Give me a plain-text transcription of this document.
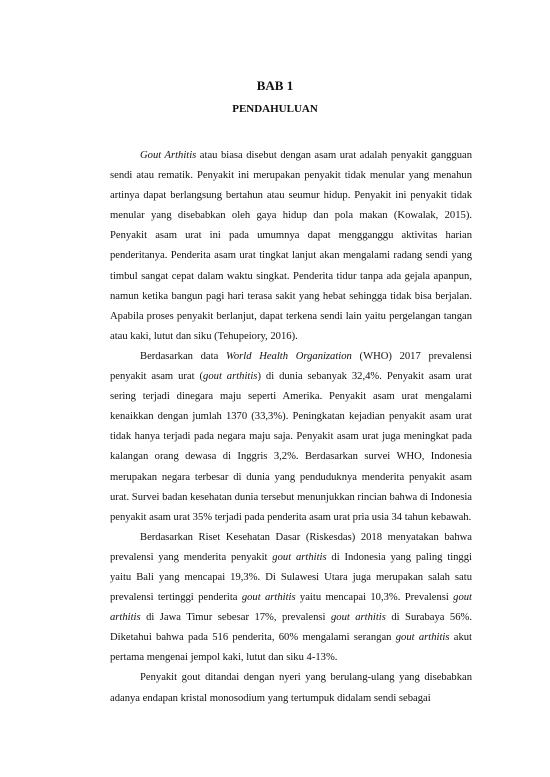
BAB 1
PENDAHULUAN

Gout Arthitis atau biasa disebut dengan asam urat adalah penyakit gangguan sendi atau rematik. Penyakit ini merupakan penyakit tidak menular yang menahun artinya dapat berlangsung bertahun atau seumur hidup. Penyakit ini penyakit tidak menular yang disebabkan oleh gaya hidup dan pola makan (Kowalak, 2015). Penyakit asam urat ini pada umumnya dapat mengganggu aktivitas harian penderitanya. Penderita asam urat tingkat lanjut akan mengalami radang sendi yang timbul sangat cepat dalam waktu singkat. Penderita tidur tanpa ada gejala apanpun, namun ketika bangun pagi hari terasa sakit yang hebat sehingga tidak bisa berjalan. Apabila proses penyakit berlanjut, dapat terkena sendi lain yaitu pergelangan tangan atau kaki, lutut dan siku (Tehupeiory, 2016).

Berdasarkan data World Health Organization (WHO) 2017 prevalensi penyakit asam urat (gout arthitis) di dunia sebanyak 32,4%. Penyakit asam urat sering terjadi dinegara maju seperti Amerika. Penyakit asam urat mengalami kenaikkan dengan jumlah 1370 (33,3%). Peningkatan kejadian penyakit asam urat tidak hanya terjadi pada negara maju saja. Penyakit asam urat juga meningkat pada kalangan orang dewasa di Inggris 3,2%. Berdasarkan survei WHO, Indonesia merupakan negara terbesar di dunia yang penduduknya menderita penyakit asam urat. Survei badan kesehatan dunia tersebut menunjukkan rincian bahwa di Indonesia penyakit asam urat 35% terjadi pada penderita asam urat pria usia 34 tahun kebawah.

Berdasarkan Riset Kesehatan Dasar (Riskesdas) 2018 menyatakan bahwa prevalensi yang menderita penyakit gout arthitis di Indonesia yang paling tinggi yaitu Bali yang mencapai 19,3%. Di Sulawesi Utara juga merupakan salah satu prevalensi tertinggi penderita gout arthitis yaitu mencapai 10,3%. Prevalensi gout arthitis di Jawa Timur sebesar 17%, prevalensi gout arthitis di Surabaya 56%. Diketahui bahwa pada 516 penderita, 60% mengalami serangan gout arthitis akut pertama mengenai jempol kaki, lutut dan siku 4-13%.

Penyakit gout ditandai dengan nyeri yang berulang-ulang yang disebabkan adanya endapan kristal monosodium yang tertumpuk didalam sendi sebagai
